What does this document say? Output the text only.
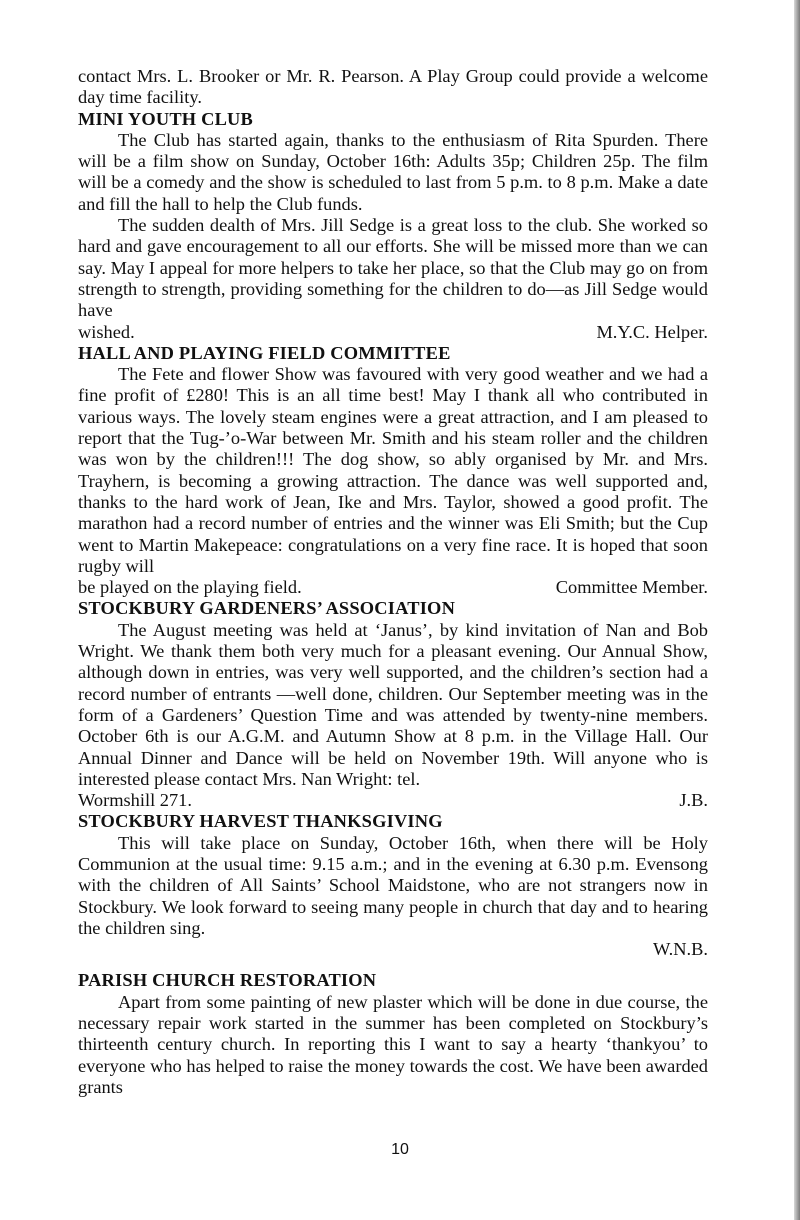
contact Mrs. L. Brooker or Mr. R. Pearson. A Play Group could provide a welcome day time facility.

MINI YOUTH CLUB

The Club has started again, thanks to the enthusiasm of Rita Spurden. There will be a film show on Sunday, October 16th: Adults 35p; Children 25p. The film will be a comedy and the show is scheduled to last from 5 p.m. to 8 p.m. Make a date and fill the hall to help the Club funds.

The sudden dealth of Mrs. Jill Sedge is a great loss to the club. She worked so hard and gave encouragement to all our efforts. She will be missed more than we can say. May I appeal for more helpers to take her place, so that the Club may go on from strength to strength, providing something for the children to do—as Jill Sedge would have

wished.	M.Y.C. Helper.
HALL AND PLAYING FIELD COMMITTEE

The Fete and flower Show was favoured with very good weather and we had a fine profit of £280! This is an all time best! May I thank all who contributed in various ways. The lovely steam engines were a great attraction, and I am pleased to report that the Tug-’o-War between Mr. Smith and his steam roller and the children was won by the children!!! The dog show, so ably organised by Mr. and Mrs. Trayhern, is becoming a growing attraction. The dance was well supported and, thanks to the hard work of Jean, Ike and Mrs. Taylor, showed a good profit. The marathon had a record number of entries and the winner was Eli Smith; but the Cup went to Martin Makepeace: congratulations on a very fine race. It is hoped that soon rugby will

be played on the playing field.	Committee Member.
STOCKBURY GARDENERS’ ASSOCIATION

The August meeting was held at ‘Janus’, by kind invitation of Nan and Bob Wright. We thank them both very much for a pleasant evening. Our Annual Show, although down in entries, was very well supported, and the children’s section had a record number of entrants —well done, children. Our September meeting was in the form of a Gardeners’ Question Time and was attended by twenty-nine members. October 6th is our A.G.M. and Autumn Show at 8 p.m. in the Village Hall. Our Annual Dinner and Dance will be held on November 19th. Will anyone who is interested please contact Mrs. Nan Wright: tel.

Wormshill 271.	J.B.
STOCKBURY HARVEST THANKSGIVING

This will take place on Sunday, October 16th, when there will be Holy Communion at the usual time: 9.15 a.m.; and in the evening at 6.30 p.m. Evensong with the children of All Saints’ School Maidstone, who are not strangers now in Stockbury. We look forward to seeing many people in church that day and to hearing the children sing.

W.N.B.
PARISH CHURCH RESTORATION

Apart from some painting of new plaster which will be done in due course, the necessary repair work started in the summer has been completed on Stockbury’s thirteenth century church. In reporting this I want to say a hearty ‘thankyou’ to everyone who has helped to raise the money towards the cost. We have been awarded grants

10
